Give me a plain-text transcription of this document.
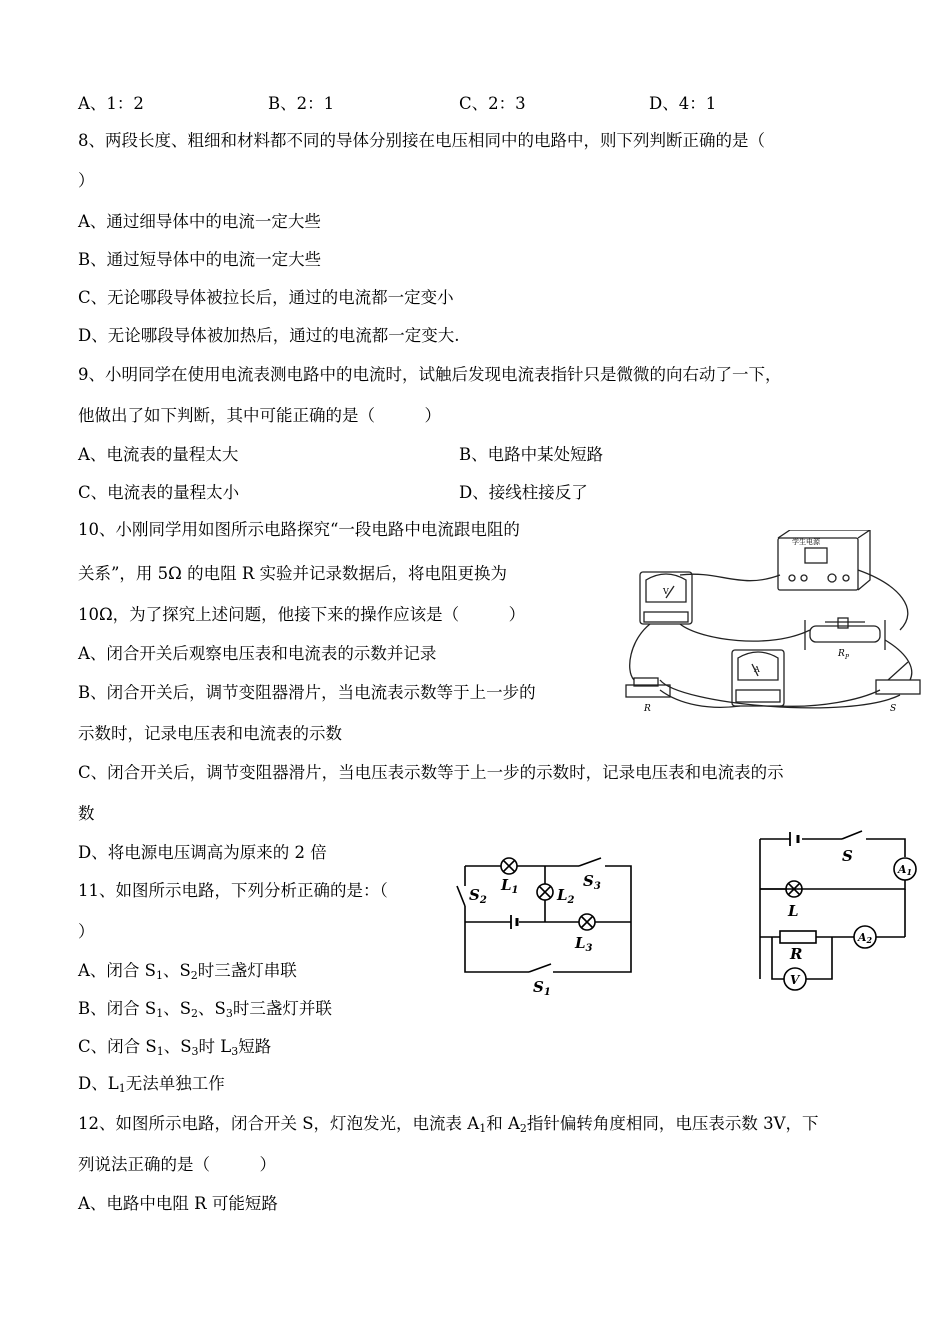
A、1：2	B、2：1	C、2：3	D、4：1
8、两段长度、粗细和材料都不同的导体分别接在电压相同中的电路中，则下列判断正确的是（
）
A、通过细导体中的电流一定大些
B、通过短导体中的电流一定大些
C、无论哪段导体被拉长后，通过的电流都一定变小
D、无论哪段导体被加热后，通过的电流都一定变大.
9、小明同学在使用电流表测电路中的电流时，试触后发现电流表指针只是微微的向右动了一下，
他做出了如下判断，其中可能正确的是（　　　）
A、电流表的量程太大	B、电路中某处短路
C、电流表的量程太小	D、接线柱接反了
10、小刚同学用如图所示电路探究“一段电路中电流跟电阻的
关系”，用 5Ω 的电阻 R 实验并记录数据后，将电阻更换为
10Ω，为了探究上述问题，他接下来的操作应该是（　　　）
A、闭合开关后观察电压表和电流表的示数并记录
B、闭合开关后，调节变阻器滑片，当电流表示数等于上一步的
示数时，记录电压表和电流表的示数
C、闭合开关后，调节变阻器滑片，当电压表示数等于上一步的示数时，记录电压表和电流表的示
数
D、将电源电压调高为原来的 2 倍
11、如图所示电路，下列分析正确的是：（
）
A、闭合 $S_1$、$S_2$时三盏灯串联
B、闭合 $S_1$、$S_2$、$S_3$时三盏灯并联
C、闭合 $S_1$、$S_3$时 $L_3$短路
D、$L_1$无法单独工作
12、如图所示电路，闭合开关 S，灯泡发光，电流表 $A_1$和 $A_2$指针偏转角度相同，电压表示数 3V，下
列说法正确的是（　　　）
A、电路中电阻 R 可能短路
学生电源
V
A
R
R P
S
$L_1$	$L_2$
$L_3$
$S_1$
$S_2$
$S_3$
S
A1
L
R
A2
V
